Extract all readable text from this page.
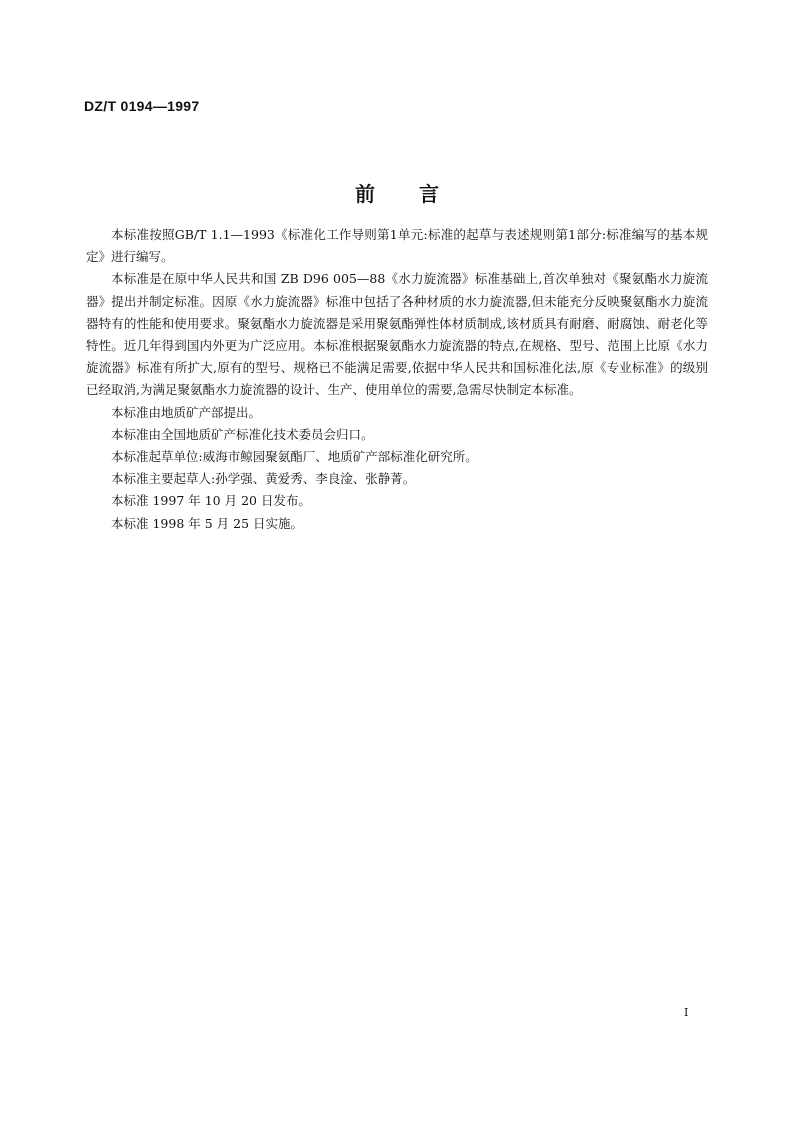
DZ/T 0194—1997
前 言

本标准按照GB/T 1.1—1993《标准化工作导则第1单元:标准的起草与表述规则第1部分:标准编写的基本规定》进行编写。

本标准是在原中华人民共和国 ZB D96 005—88《水力旋流器》标准基础上,首次单独对《聚氨酯水力旋流器》提出并制定标准。因原《水力旋流器》标准中包括了各种材质的水力旋流器,但未能充分反映聚氨酯水力旋流器特有的性能和使用要求。聚氨酯水力旋流器是采用聚氨酯弹性体材质制成,该材质具有耐磨、耐腐蚀、耐老化等特性。近几年得到国内外更为广泛应用。本标准根据聚氨酯水力旋流器的特点,在规格、型号、范围上比原《水力旋流器》标准有所扩大,原有的型号、规格已不能满足需要,依据中华人民共和国标准化法,原《专业标准》的级别已经取消,为满足聚氨酯水力旋流器的设计、生产、使用单位的需要,急需尽快制定本标准。

本标准由地质矿产部提出。

本标准由全国地质矿产标准化技术委员会归口。

本标准起草单位:威海市鲸园聚氨酯厂、地质矿产部标准化研究所。

本标准主要起草人:孙学强、黄爱秀、李良淦、张静菁。

本标准 1997 年 10 月 20 日发布。

本标准 1998 年 5 月 25 日实施。

I
